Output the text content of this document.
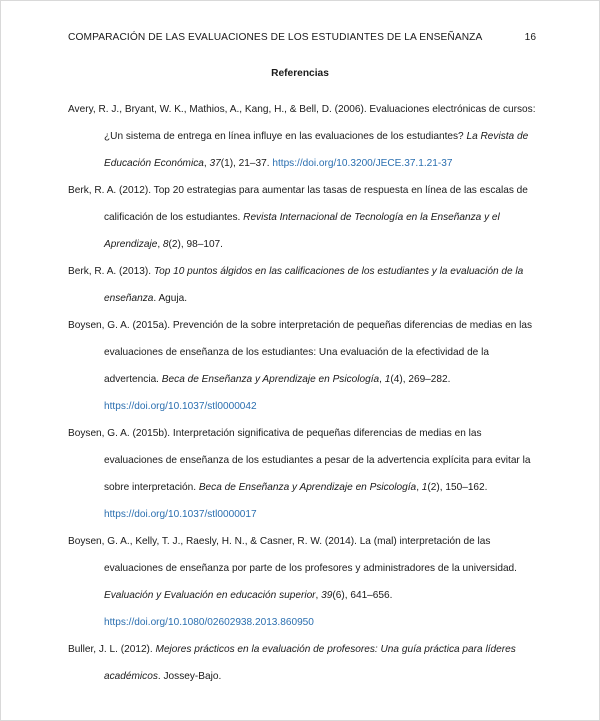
COMPARACIÓN DE LAS EVALUACIONES DE LOS ESTUDIANTES DE LA ENSEÑANZA	16
Referencias
Avery, R. J., Bryant, W. K., Mathios, A., Kang, H., & Bell, D. (2006). Evaluaciones electrónicas de cursos:
¿Un sistema de entrega en línea influye en las evaluaciones de los estudiantes? La Revista de
Educación Económica, 37(1), 21–37. https://doi.org/10.3200/JECE.37.1.21-37
Berk, R. A. (2012). Top 20 estrategias para aumentar las tasas de respuesta en línea de las escalas de
calificación de los estudiantes. Revista Internacional de Tecnología en la Enseñanza y el
Aprendizaje, 8(2), 98–107.
Berk, R. A. (2013). Top 10 puntos álgidos en las calificaciones de los estudiantes y la evaluación de la
enseñanza. Aguja.
Boysen, G. A. (2015a). Prevención de la sobre interpretación de pequeñas diferencias de medias en las
evaluaciones de enseñanza de los estudiantes: Una evaluación de la efectividad de la
advertencia. Beca de Enseñanza y Aprendizaje en Psicología, 1(4), 269–282.
https://doi.org/10.1037/stl0000042
Boysen, G. A. (2015b). Interpretación significativa de pequeñas diferencias de medias en las
evaluaciones de enseñanza de los estudiantes a pesar de la advertencia explícita para evitar la
sobre interpretación. Beca de Enseñanza y Aprendizaje en Psicología, 1(2), 150–162.
https://doi.org/10.1037/stl0000017
Boysen, G. A., Kelly, T. J., Raesly, H. N., & Casner, R. W. (2014). La (mal) interpretación de las
evaluaciones de enseñanza por parte de los profesores y administradores de la universidad.
Evaluación y Evaluación en educación superior, 39(6), 641–656.
https://doi.org/10.1080/02602938.2013.860950
Buller, J. L. (2012). Mejores prácticos en la evaluación de profesores: Una guía práctica para líderes
académicos. Jossey-Bajo.
